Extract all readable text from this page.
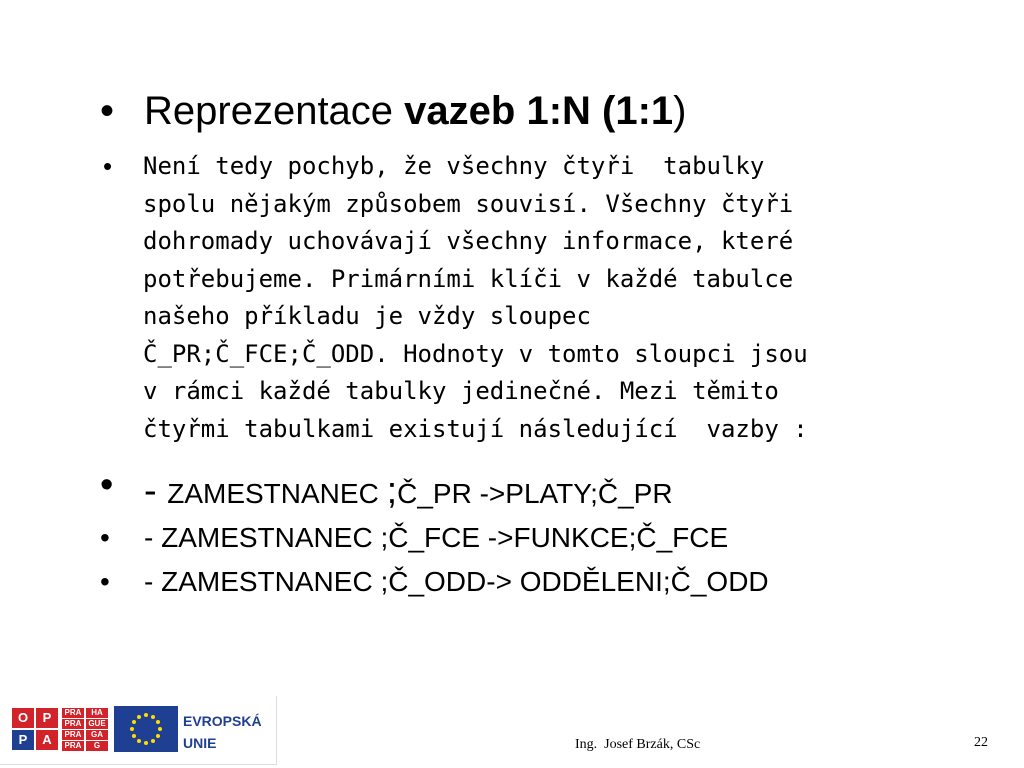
• Reprezentace vazeb 1:N (1:1)
• Není tedy pochyb, že všechny čtyři  tabulky
spolu nějakým způsobem souvisí. Všechny čtyři
dohromady uchovávají všechny informace, které
potřebujeme. Primárními klíči v každé tabulce
našeho příkladu je vždy sloupec
Č_PR;Č_FCE;Č_ODD. Hodnoty v tomto sloupci jsou
v rámci každé tabulky jedinečné. Mezi těmito
čtyřmi tabulkami existují následující  vazby :
• - ZAMESTNANEC ;Č_PR ->PLATY;Č_PR
• - ZAMESTNANEC ;Č_FCE ->FUNKCE;Č_FCE
• - ZAMESTNANEC ;Č_ODD-> ODDĚLENI;Č_ODD
O	P
P	A
PRA	HA
PRA GUE
PRA	GA
PRA	G
EVROPSKÁ
UNIE	Ing.  Josef Brzák, CSc	22
